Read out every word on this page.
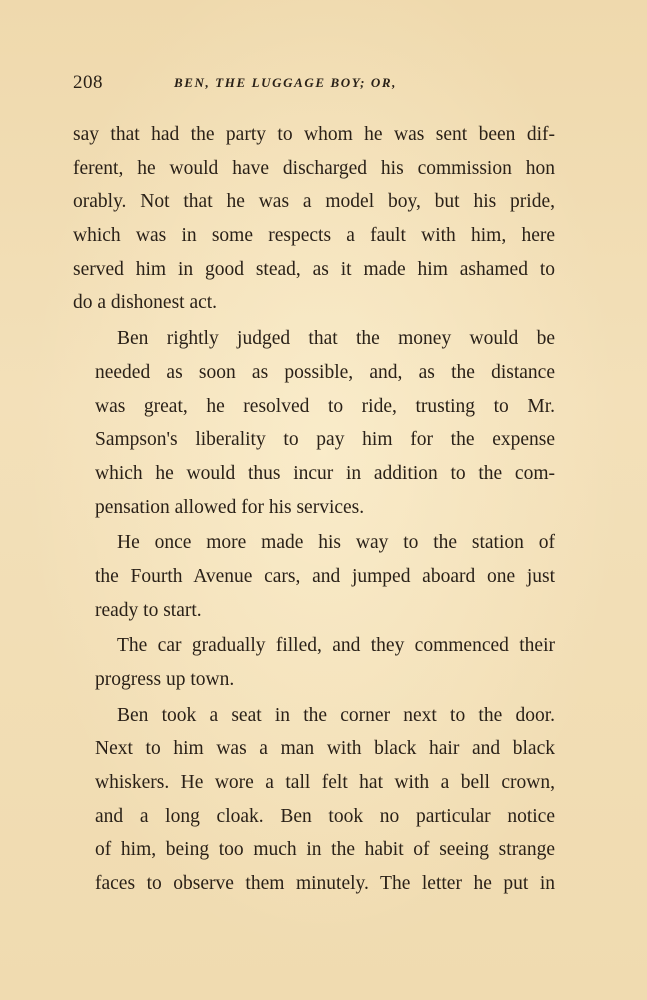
208	BEN, THE LUGGAGE BOY; OR,

say that had the party to whom he was sent been dif-
ferent, he would have discharged his commission hon
orably. Not that he was a model boy, but his pride,
which was in some respects a fault with him, here
served him in good stead, as it made him ashamed to
do a dishonest act.

Ben rightly judged that the money would be
needed as soon as possible, and, as the distance
was great, he resolved to ride, trusting to Mr.
Sampson's liberality to pay him for the expense
which he would thus incur in addition to the com-
pensation allowed for his services.

He once more made his way to the station of
the Fourth Avenue cars, and jumped aboard one just
ready to start.

The car gradually filled, and they commenced their
progress up town.

Ben took a seat in the corner next to the door.
Next to him was a man with black hair and black
whiskers. He wore a tall felt hat with a bell crown,
and a long cloak. Ben took no particular notice
of him, being too much in the habit of seeing strange
faces to observe them minutely. The letter he put in
